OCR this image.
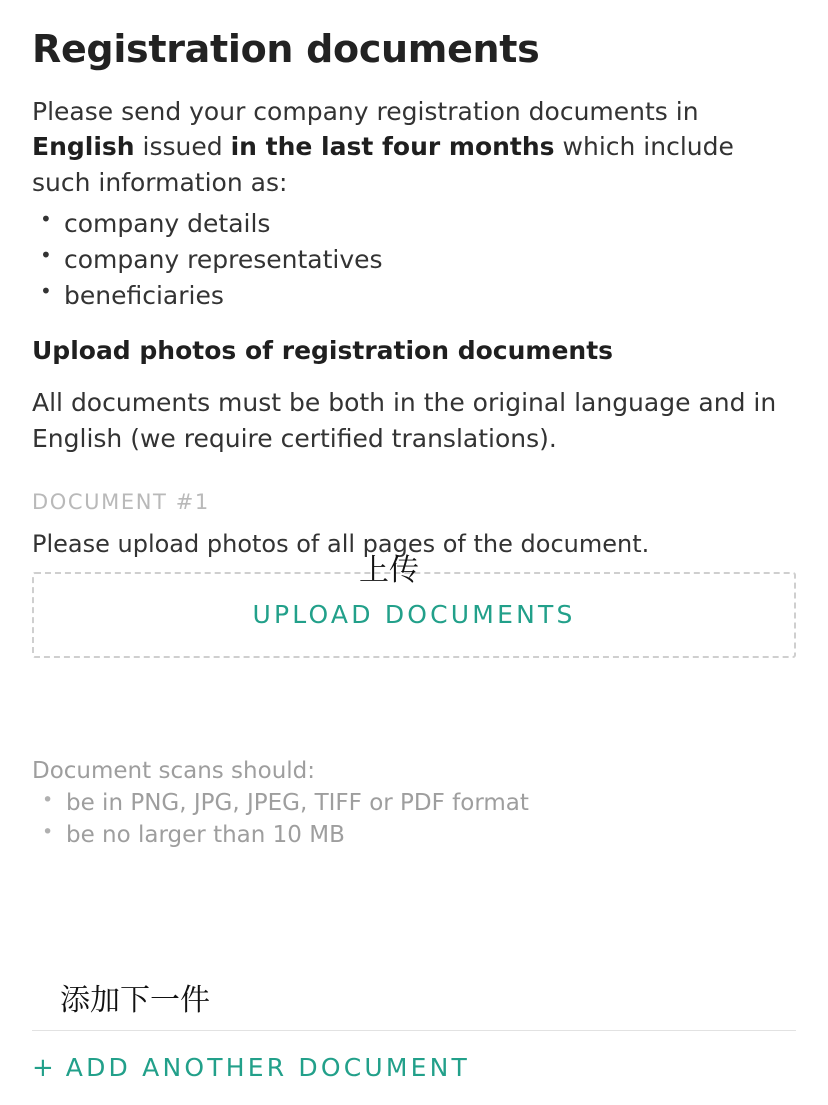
Registration documents

Please send your company registration documents in English issued in the last four months which include such information as:

• company details
• company representatives
• beneficiaries
Upload photos of registration documents

All documents must be both in the original language and in English (we require certified translations).

DOCUMENT #1

Please upload photos of all pages of the document.

上传
UPLOAD DOCUMENTS

Document scans should:

• be in PNG, JPG, JPEG, TIFF or PDF format
• be no larger than 10 MB
添加下一件
+ ADD ANOTHER DOCUMENT
